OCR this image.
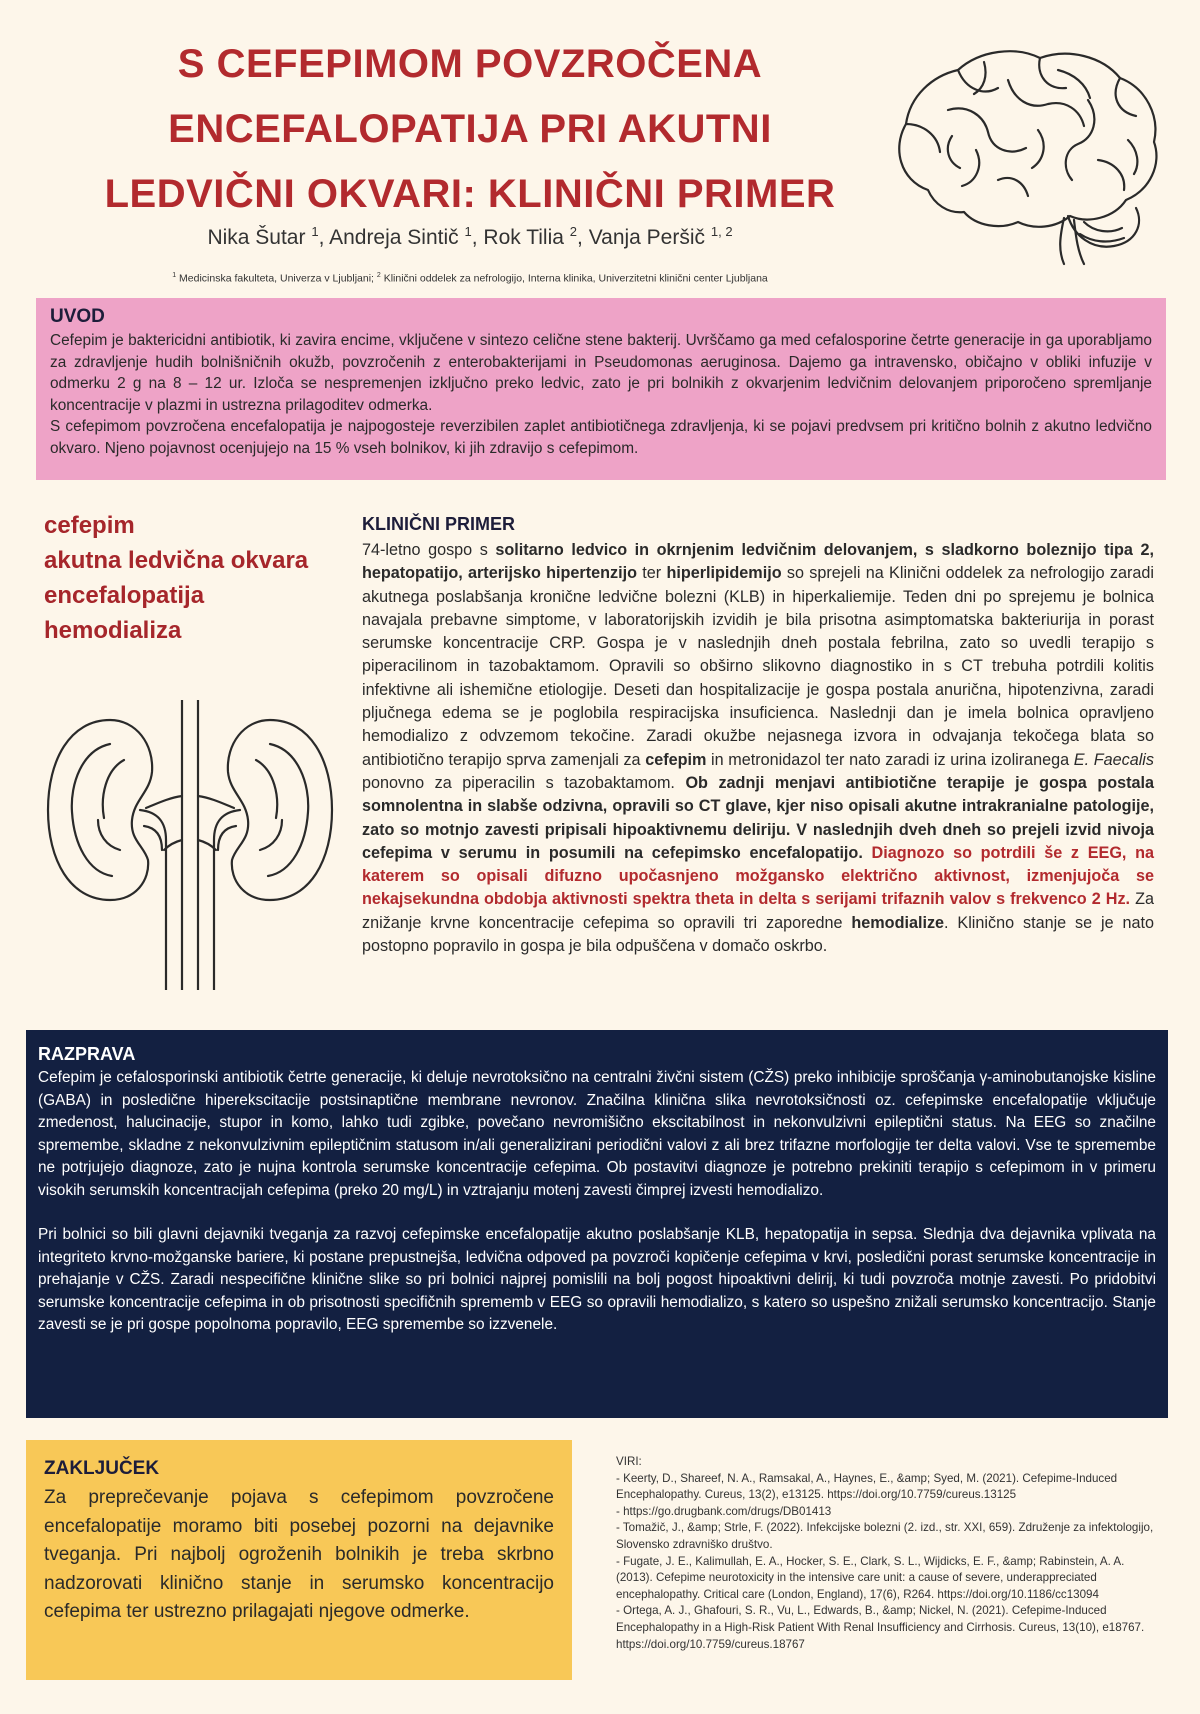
S CEFEPIMOM POVZROČENA
ENCEFALOPATIJA PRI AKUTNI
LEDVIČNI OKVARI: KLINIČNI PRIMER
Nika Šutar $^1$, Andreja Sintič $^1$, Rok Tilia $^2$, Vanja Peršič $^{1, 2}$
$^1$ Medicinska fakulteta, Univerza v Ljubljani; $^2$ Klinični oddelek za nefrologijo, Interna klinika, Univerzitetni klinični center Ljubljana
UVOD

Cefepim je baktericidni antibiotik, ki zavira encime, vključene v sintezo celične stene bakterij. Uvrščamo ga med cefalosporine četrte generacije in ga uporabljamo za zdravljenje hudih bolnišničnih okužb, povzročenih z enterobakterijami in Pseudomonas aeruginosa. Dajemo ga intravensko, običajno v obliki infuzije v odmerku 2 g na 8 – 12 ur. Izloča se nespremenjen izključno preko ledvic, zato je pri bolnikih z okvarjenim ledvičnim delovanjem priporočeno spremljanje koncentracije v plazmi in ustrezna prilagoditev odmerka.

S cefepimom povzročena encefalopatija je najpogosteje reverzibilen zaplet antibiotičnega zdravljenja, ki se pojavi predvsem pri kritično bolnih z akutno ledvično okvaro. Njeno pojavnost ocenjujejo na 15 % vseh bolnikov, ki jih zdravijo s cefepimom.

cefepim
akutna ledvična okvara
encefalopatija
hemodializa
KLINIČNI PRIMER

74-letno gospo s solitarno ledvico in okrnjenim ledvičnim delovanjem, s sladkorno boleznijo tipa 2, hepatopatijo, arterijsko hipertenzijo ter hiperlipidemijo so sprejeli na Klinični oddelek za nefrologijo zaradi akutnega poslabšanja kronične ledvične bolezni (KLB) in hiperkaliemije. Teden dni po sprejemu je bolnica navajala prebavne simptome, v laboratorijskih izvidih je bila prisotna asimptomatska bakteriurija in porast serumske koncentracije CRP. Gospa je v naslednjih dneh postala febrilna, zato so uvedli terapijo s piperacilinom in tazobaktamom. Opravili so obširno slikovno diagnostiko in s CT trebuha potrdili kolitis infektivne ali ishemične etiologije. Deseti dan hospitalizacije je gospa postala anurična, hipotenzivna, zaradi pljučnega edema se je poglobila respiracijska insuficienca. Naslednji dan je imela bolnica opravljeno hemodializo z odvzemom tekočine. Zaradi okužbe nejasnega izvora in odvajanja tekočega blata so antibiotično terapijo sprva zamenjali za cefepim in metronidazol ter nato zaradi iz urina izoliranega E. Faecalis ponovno za piperacilin s tazobaktamom. Ob zadnji menjavi antibiotične terapije je gospa postala somnolentna in slabše odzivna, opravili so CT glave, kjer niso opisali akutne intrakranialne patologije, zato so motnjo zavesti pripisali hipoaktivnemu deliriju. V naslednjih dveh dneh so prejeli izvid nivoja cefepima v serumu in posumili na cefepimsko encefalopatijo. Diagnozo so potrdili še z EEG, na katerem so opisali difuzno upočasnjeno možgansko električno aktivnost, izmenjujoča se nekajsekundna obdobja aktivnosti spektra theta in delta s serijami trifaznih valov s frekvenco 2 Hz. Za znižanje krvne koncentracije cefepima so opravili tri zaporedne hemodialize. Klinično stanje se je nato postopno popravilo in gospa je bila odpuščena v domačo oskrbo.

RAZPRAVA

Cefepim je cefalosporinski antibiotik četrte generacije, ki deluje nevrotoksično na centralni živčni sistem (CŽS) preko inhibicije sproščanja γ-aminobutanojske kisline (GABA) in posledične hiperekscitacije postsinaptične membrane nevronov. Značilna klinična slika nevrotoksičnosti oz. cefepimske encefalopatije vključuje zmedenost, halucinacije, stupor in komo, lahko tudi zgibke, povečano nevromišično ekscitabilnost in nekonvulzivni epileptični status. Na EEG so značilne spremembe, skladne z nekonvulzivnim epileptičnim statusom in/ali generalizirani periodični valovi z ali brez trifazne morfologije ter delta valovi. Vse te spremembe ne potrjujejo diagnoze, zato je nujna kontrola serumske koncentracije cefepima. Ob postavitvi diagnoze je potrebno prekiniti terapijo s cefepimom in v primeru visokih serumskih koncentracijah cefepima (preko 20 mg/L) in vztrajanju motenj zavesti čimprej izvesti hemodializo.

Pri bolnici so bili glavni dejavniki tveganja za razvoj cefepimske encefalopatije akutno poslabšanje KLB, hepatopatija in sepsa. Slednja dva dejavnika vplivata na integriteto krvno-možganske bariere, ki postane prepustnejša, ledvična odpoved pa povzroči kopičenje cefepima v krvi, posledični porast serumske koncentracije in prehajanje v CŽS. Zaradi nespecifične klinične slike so pri bolnici najprej pomislili na bolj pogost hipoaktivni delirij, ki tudi povzroča motnje zavesti. Po pridobitvi serumske koncentracije cefepima in ob prisotnosti specifičnih sprememb v EEG so opravili hemodializo, s katero so uspešno znižali serumsko koncentracijo. Stanje zavesti se je pri gospe popolnoma popravilo, EEG spremembe so izzvenele.

ZAKLJUČEK

Za preprečevanje pojava s cefepimom povzročene encefalopatije moramo biti posebej pozorni na dejavnike tveganja. Pri najbolj ogroženih bolnikih je treba skrbno nadzorovati klinično stanje in serumsko koncentracijo cefepima ter ustrezno prilagajati njegove odmerke.

VIRI:
- Keerty, D., Shareef, N. A., Ramsakal, A., Haynes, E., &amp; Syed, M. (2021). Cefepime-Induced Encephalopathy. Cureus, 13(2), e13125. https://doi.org/10.7759/cureus.13125
- https://go.drugbank.com/drugs/DB01413
- Tomažič, J., &amp; Strle, F. (2022). Infekcijske bolezni (2. izd., str. XXI, 659). Združenje za infektologijo, Slovensko zdravniško društvo.
- Fugate, J. E., Kalimullah, E. A., Hocker, S. E., Clark, S. L., Wijdicks, E. F., &amp; Rabinstein, A. A. (2013). Cefepime neurotoxicity in the intensive care unit: a cause of severe, underappreciated encephalopathy. Critical care (London, England), 17(6), R264. https://doi.org/10.1186/cc13094
- Ortega, A. J., Ghafouri, S. R., Vu, L., Edwards, B., &amp; Nickel, N. (2021). Cefepime-Induced Encephalopathy in a High-Risk Patient With Renal Insufficiency and Cirrhosis. Cureus, 13(10), e18767. https://doi.org/10.7759/cureus.18767
